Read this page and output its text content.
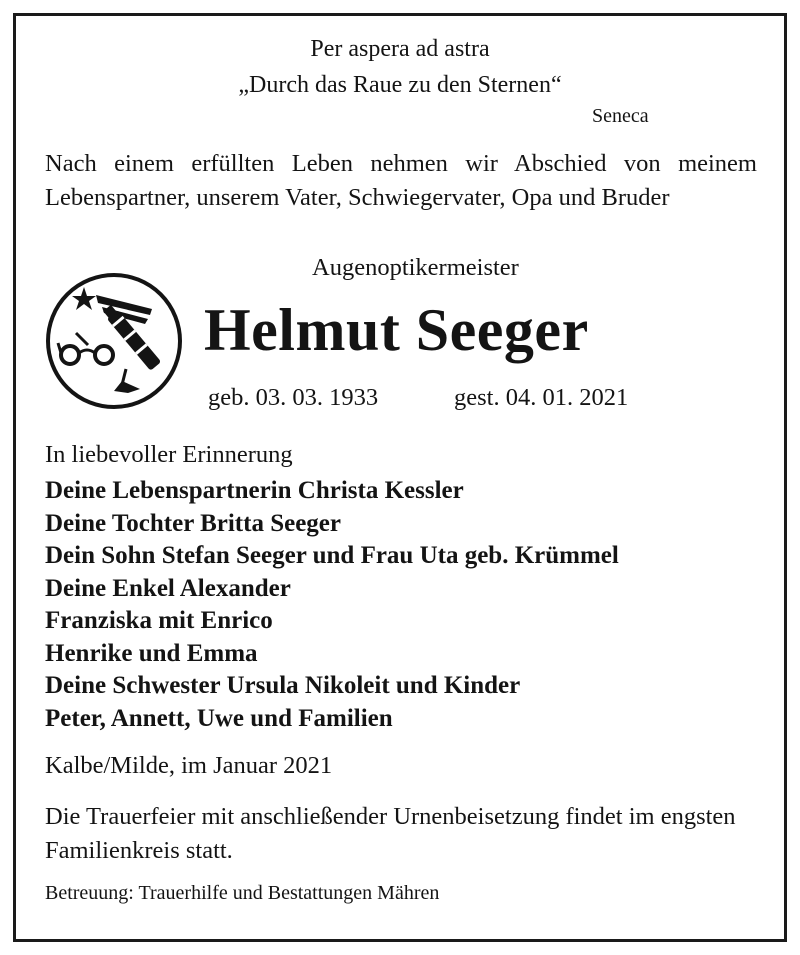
Per aspera ad astra
„Durch das Raue zu den Sternen“
Seneca
Nach einem erfüllten Leben nehmen wir Abschied von meinem Lebenspartner, unserem Vater, Schwiegervater, Opa und Bruder
Augenoptikermeister
Helmut Seeger
geb. 03. 03. 1933	gest. 04. 01. 2021
In liebevoller Erinnerung
Deine Lebenspartnerin Christa Kessler
Deine Tochter Britta Seeger
Dein Sohn Stefan Seeger und Frau Uta geb. Krümmel
Deine Enkel Alexander
Franziska mit Enrico
Henrike und Emma
Deine Schwester Ursula Nikoleit und Kinder
Peter, Annett, Uwe und Familien
Kalbe/Milde, im Januar 2021
Die Trauerfeier mit anschließender Urnenbeisetzung findet im engsten Familienkreis statt.
Betreuung: Trauerhilfe und Bestattungen Mähren
